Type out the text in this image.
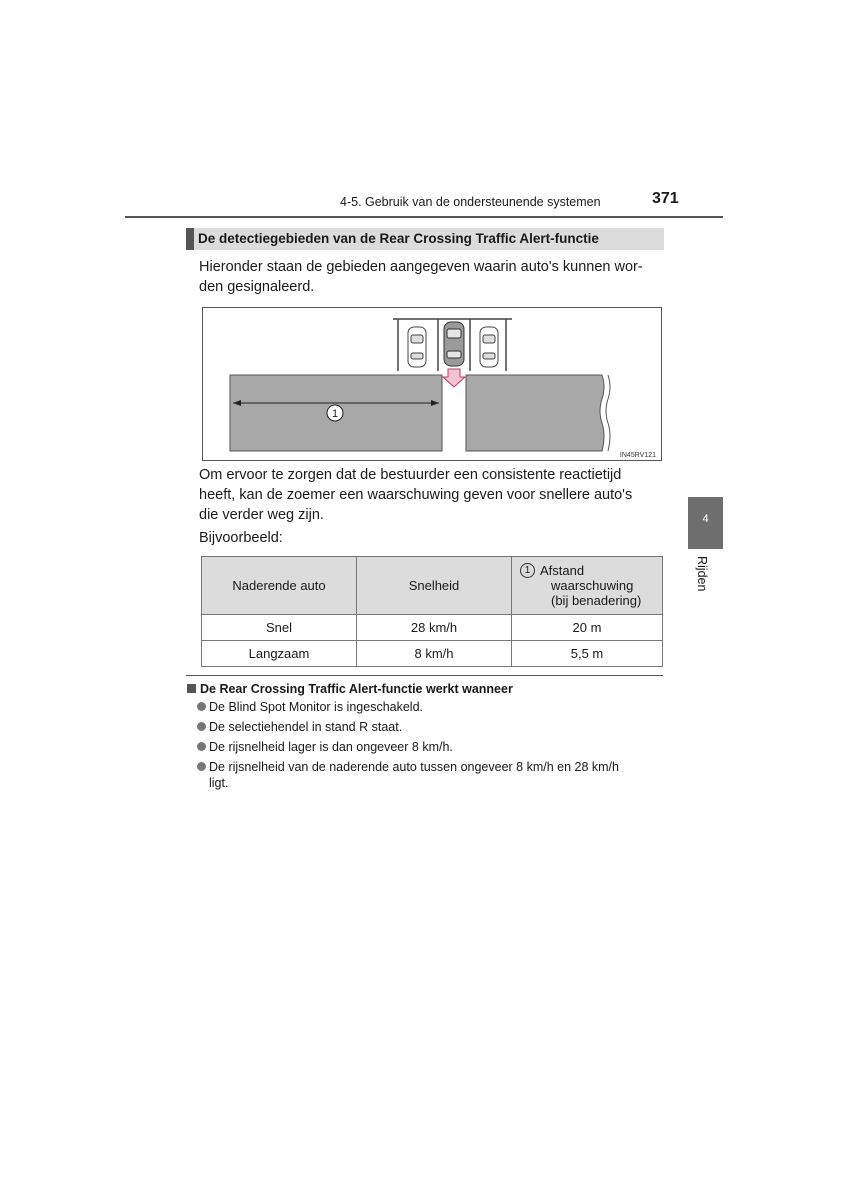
4-5. Gebruik van de ondersteunende systemen	371
De detectiegebieden van de Rear Crossing Traffic Alert-functie
Hieronder staan de gebieden aangegeven waarin auto's kunnen wor-
den gesignaleerd.
1
IN45RV121
Om ervoor te zorgen dat de bestuurder een consistente reactietijd
heeft, kan de zoemer een waarschuwing geven voor snellere auto's
die verder weg zijn.
Bijvoorbeeld:
Naderende auto	Snelheid	1 Afstand
waarschuwing
(bij benadering)

Snel	28 km/h	20 m
Langzaam	8 km/h	5,5 m
De Rear Crossing Traffic Alert-functie werkt wanneer
De Blind Spot Monitor is ingeschakeld.
De selectiehendel in stand R staat.
De rijsnelheid lager is dan ongeveer 8 km/h.
De rijsnelheid van de naderende auto tussen ongeveer 8 km/h en 28 km/h
ligt.
4
Rijden
